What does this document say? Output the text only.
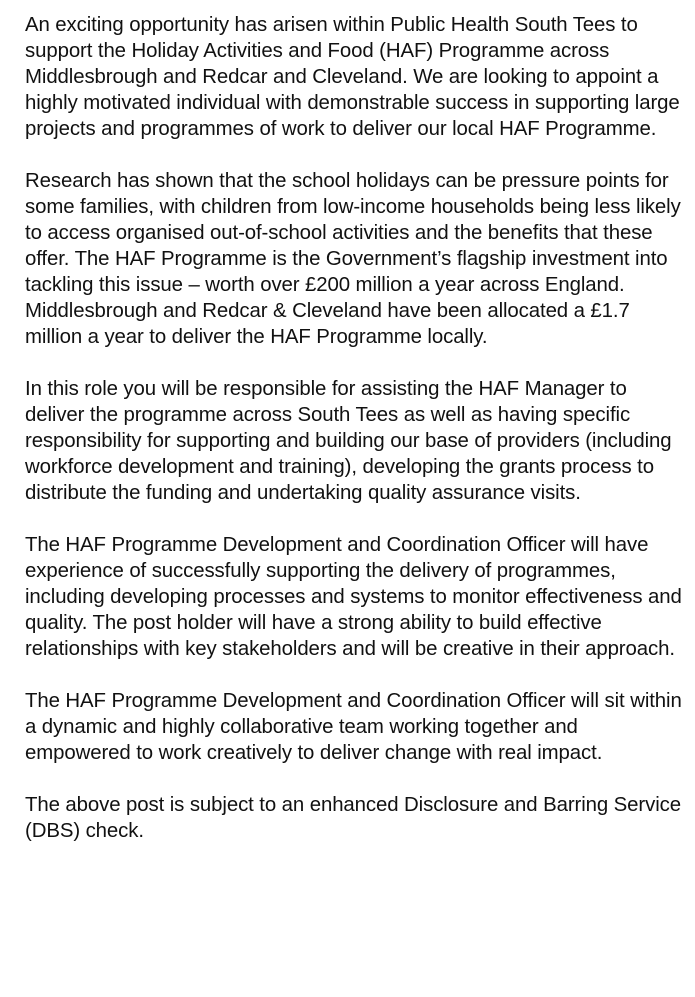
An exciting opportunity has arisen within Public Health South Tees to support the Holiday Activities and Food (HAF) Programme across Middlesbrough and Redcar and Cleveland. We are looking to appoint a highly motivated individual with demonstrable success in supporting large projects and programmes of work to deliver our local HAF Programme.

Research has shown that the school holidays can be pressure points for some families, with children from low-income households being less likely to access organised out-of-school activities and the benefits that these offer. The HAF Programme is the Government’s flagship investment into tackling this issue – worth over £200 million a year across England. Middlesbrough and Redcar & Cleveland have been allocated a £1.7 million a year to deliver the HAF Programme locally.

In this role you will be responsible for assisting the HAF Manager to deliver the programme across South Tees as well as having specific responsibility for supporting and building our base of providers (including workforce development and training), developing the grants process to distribute the funding and undertaking quality assurance visits.

The HAF Programme Development and Coordination Officer will have experience of successfully supporting the delivery of programmes, including developing processes and systems to monitor effectiveness and quality. The post holder will have a strong ability to build effective relationships with key stakeholders and will be creative in their approach.

The HAF Programme Development and Coordination Officer will sit within a dynamic and highly collaborative team working together and empowered to work creatively to deliver change with real impact.

The above post is subject to an enhanced Disclosure and Barring Service (DBS) check.
